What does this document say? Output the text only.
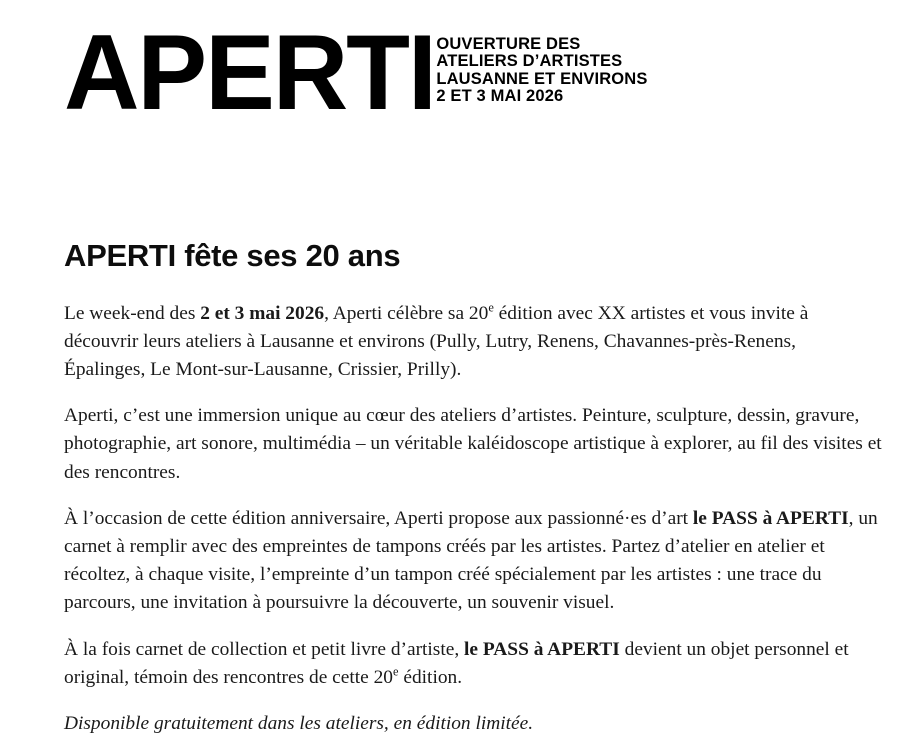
APERTI OUVERTURE DES
ATELIERS D’ARTISTES
LAUSANNE ET ENVIRONS
2 ET 3 MAI 2026
APERTI fête ses 20 ans

Le week-end des 2 et 3 mai 2026, Aperti célèbre sa 20e édition avec XX artistes et vous invite à découvrir leurs ateliers à Lausanne et environs (Pully, Lutry, Renens, Chavannes-près-Renens, Épalinges, Le Mont-sur-Lausanne, Crissier, Prilly).

Aperti, c’est une immersion unique au cœur des ateliers d’artistes. Peinture, sculpture, dessin, gravure, photographie, art sonore, multimédia – un véritable kaléidoscope artistique à explorer, au fil des visites et des rencontres.

À l’occasion de cette édition anniversaire, Aperti propose aux passionné·es d’art le PASS à APERTI, un carnet à remplir avec des empreintes de tampons créés par les artistes. Partez d’atelier en atelier et récoltez, à chaque visite, l’empreinte d’un tampon créé spécialement par les artistes : une trace du parcours, une invitation à poursuivre la découverte, un souvenir visuel.

À la fois carnet de collection et petit livre d’artiste, le PASS à APERTI devient un objet personnel et original, témoin des rencontres de cette 20e édition.

Disponible gratuitement dans les ateliers, en édition limitée.
